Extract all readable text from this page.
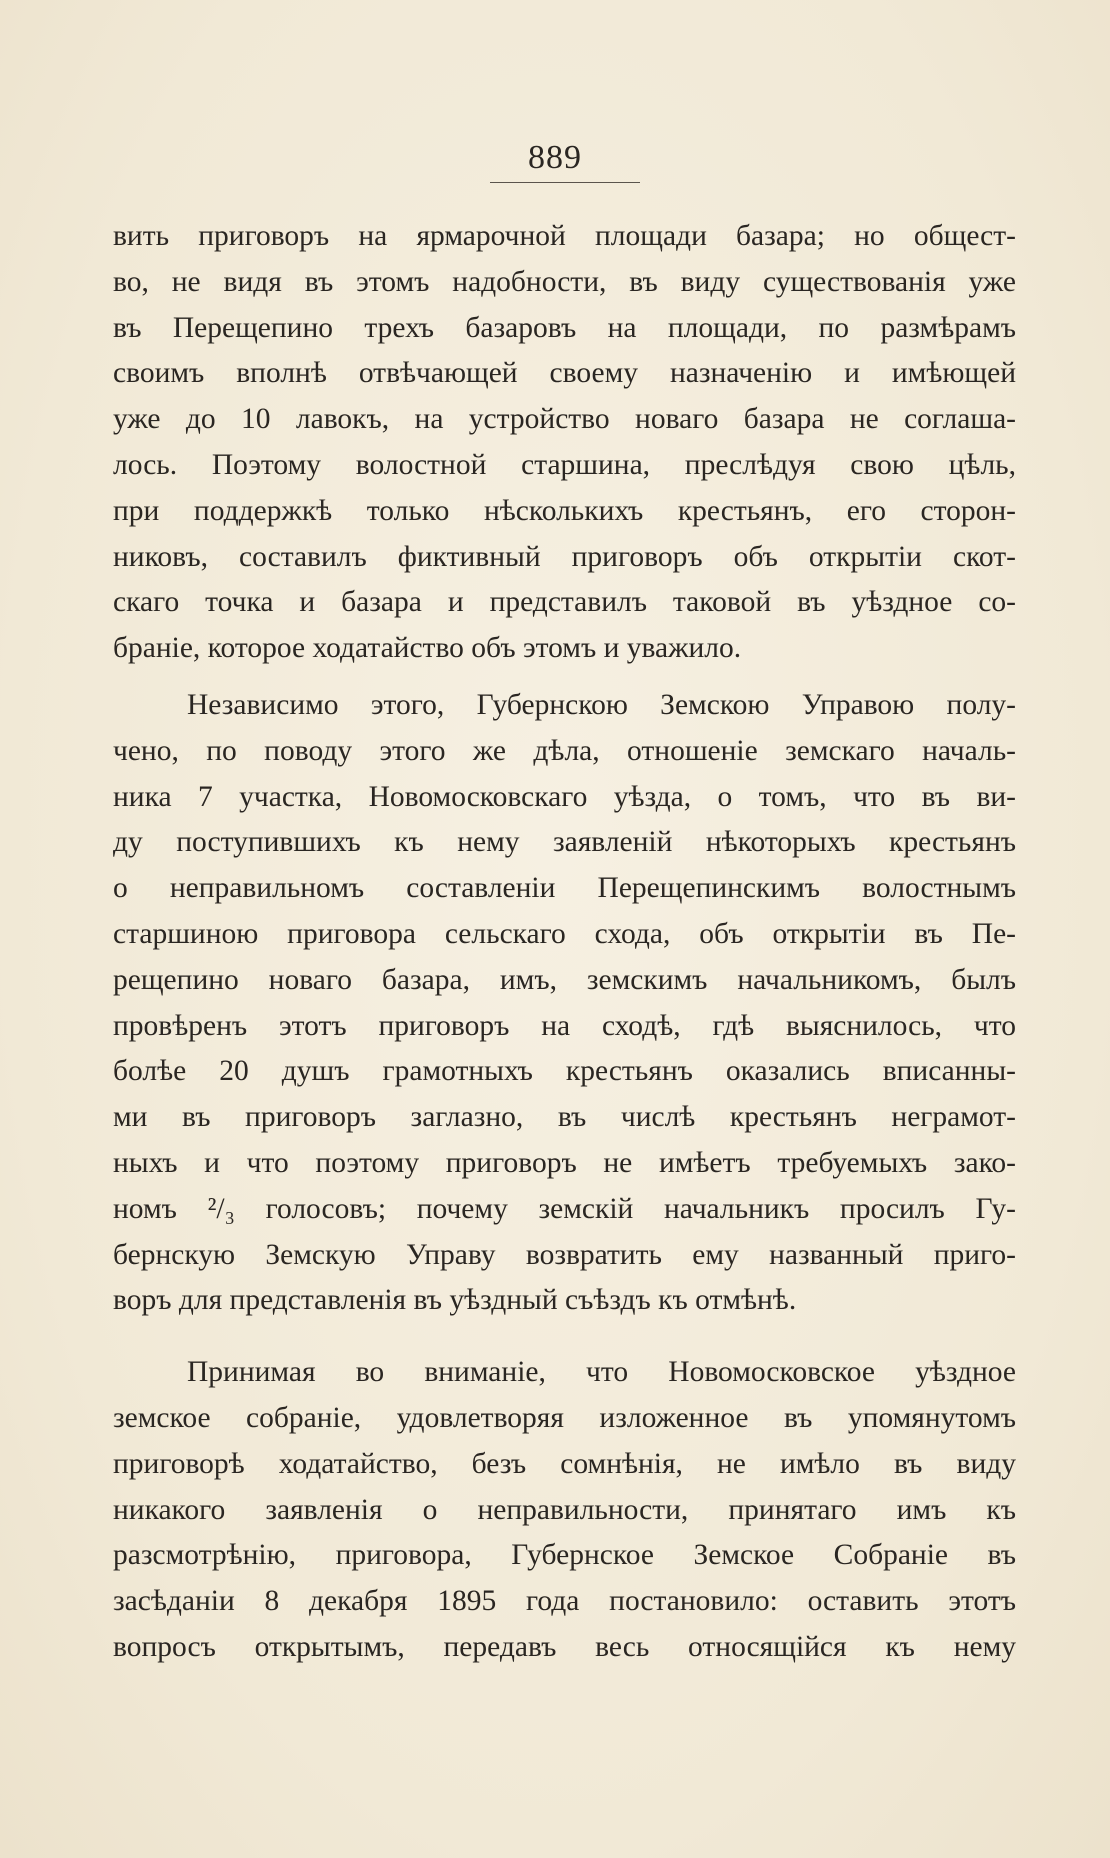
889
вить приговоръ на ярмарочной площади базара; но общест-
во, не видя въ этомъ надобности, въ виду существованія уже
въ Перещепино трехъ базаровъ на площади, по размѣрамъ
своимъ вполнѣ отвѣчающей своему назначенію и имѣющей
уже до 10 лавокъ, на устройство новаго базара не соглаша-
лось. Поэтому волостной старшина, преслѣдуя свою цѣль,
при поддержкѣ только нѣсколькихъ крестьянъ, его сторон-
никовъ, составилъ фиктивный приговоръ объ открытіи скот-
скаго точка и базара и представилъ таковой въ уѣздное со-
браніе, которое ходатайство объ этомъ и уважило.
Независимо этого, Губернскою Земскою Управою полу-
чено, по поводу этого же дѣла, отношеніе земскаго началь-
ника 7 участка, Новомосковскаго уѣзда, о томъ, что въ ви-
ду поступившихъ къ нему заявленій нѣкоторыхъ крестьянъ
о неправильномъ составленіи Перещепинскимъ волостнымъ
старшиною приговора сельскаго схода, объ открытіи въ Пе-
рещепино новаго базара, имъ, земскимъ начальникомъ, былъ
провѣренъ этотъ приговоръ на сходѣ, гдѣ выяснилось, что
болѣе 20 душъ грамотныхъ крестьянъ оказались вписанны-
ми въ приговоръ заглазно, въ числѣ крестьянъ неграмот-
ныхъ и что поэтому приговоръ не имѣетъ требуемыхъ зако-
номъ ²/₃ голосовъ; почему земскій начальникъ просилъ Гу-
бернскую Земскую Управу возвратить ему названный приго-
воръ для представленія въ уѣздный съѣздъ къ отмѣнѣ.
Принимая во вниманіе, что Новомосковское уѣздное
земское собраніе, удовлетворяя изложенное въ упомянутомъ
приговорѣ ходатайство, безъ сомнѣнія, не имѣло въ виду
никакого заявленія о неправильности, принятаго имъ къ
разсмотрѣнію, приговора, Губернское Земское Собраніе въ
засѣданіи 8 декабря 1895 года постановило: оставить этотъ
вопросъ открытымъ, передавъ весь относящійся къ нему
